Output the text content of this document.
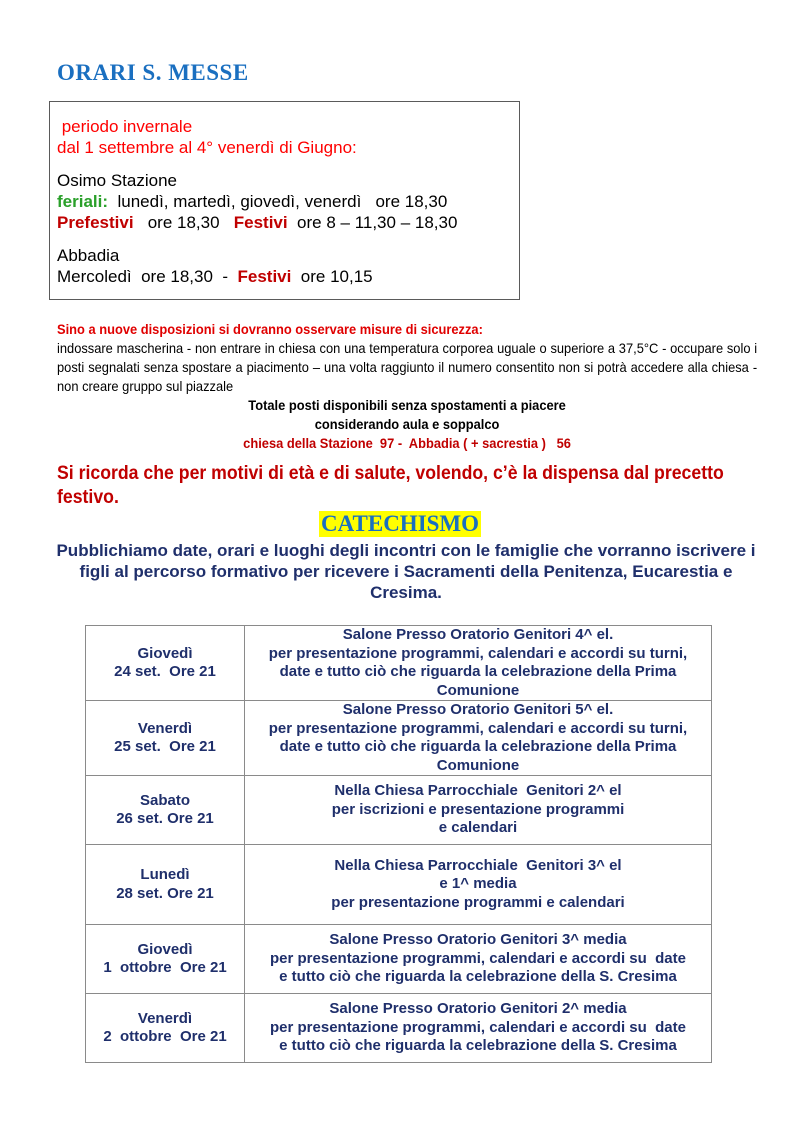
ORARI S. MESSE
periodo invernale
dal 1 settembre al 4° venerdì di Giugno:
Osimo Stazione
feriali:  lunedì, martedì, giovedì, venerdì   ore 18,30
Prefestivi   ore 18,30   Festivi  ore 8 – 11,30 – 18,30
Abbadia
Mercoledì  ore 18,30  -  Festivi  ore 10,15
Sino a nuove disposizioni si dovranno osservare misure di sicurezza:
indossare mascherina - non entrare in chiesa con una temperatura corporea uguale o superiore a 37,5°C - occupare solo i posti segnalati senza spostare a piacimento – una volta raggiunto il numero consentito non si potrà accedere alla chiesa - non creare gruppo sul piazzale
Totale posti disponibili senza spostamenti a piacere
considerando aula e soppalco
chiesa della Stazione  97 -  Abbadia ( + sacrestia )   56
Si ricorda che per motivi di età e di salute, volendo, c’è la dispensa dal precetto festivo.
CATECHISMO
Pubblichiamo date, orari e luoghi degli incontri con le famiglie che vorranno iscrivere i figli al percorso formativo per ricevere i Sacramenti della Penitenza, Eucarestia e Cresima.
Giovedì
24 set.  Ore 21	Salone Presso Oratorio Genitori 4^ el.
per presentazione programmi, calendari e accordi su turni,
date e tutto ciò che riguarda la celebrazione della Prima
Comunione

Venerdì
25 set.  Ore 21	Salone Presso Oratorio Genitori 5^ el.
per presentazione programmi, calendari e accordi su turni,
date e tutto ciò che riguarda la celebrazione della Prima
Comunione

Sabato
26 set. Ore 21	Nella Chiesa Parrocchiale  Genitori 2^ el
per iscrizioni e presentazione programmi
e calendari

Lunedì
28 set. Ore 21	Nella Chiesa Parrocchiale  Genitori 3^ el
e 1^ media
per presentazione programmi e calendari

Giovedì
1  ottobre  Ore 21	Salone Presso Oratorio Genitori 3^ media
per presentazione programmi, calendari e accordi su  date
e tutto ciò che riguarda la celebrazione della S. Cresima

Venerdì
2  ottobre  Ore 21	Salone Presso Oratorio Genitori 2^ media
per presentazione programmi, calendari e accordi su  date
e tutto ciò che riguarda la celebrazione della S. Cresima
